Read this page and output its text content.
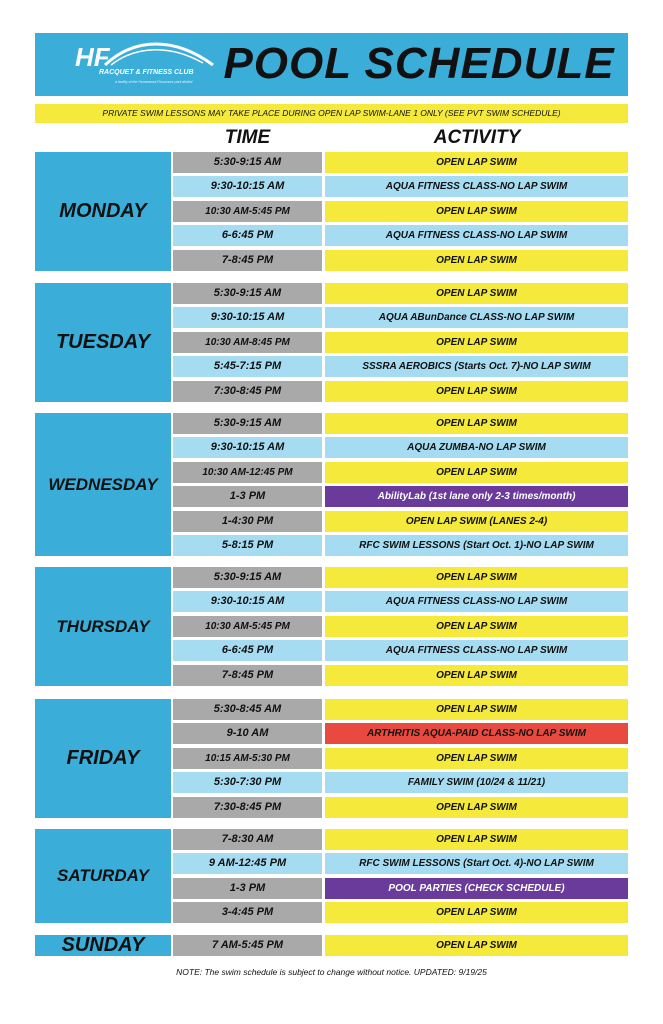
HF
RACQUET & FITNESS CLUB
a facility of the Homewood-Flossmoor park district POOL SCHEDULE
PRIVATE SWIM LESSONS MAY TAKE PLACE DURING OPEN LAP SWIM-LANE 1 ONLY (SEE PVT SWIM SCHEDULE)
TIME	ACTIVITY
MONDAY
5:30-9:15 AM	OPEN LAP SWIM
9:30-10:15 AM	AQUA FITNESS CLASS-NO LAP SWIM
10:30 AM-5:45 PM	OPEN LAP SWIM
6-6:45 PM	AQUA FITNESS CLASS-NO LAP SWIM
7-8:45 PM	OPEN LAP SWIM
TUESDAY
5:30-9:15 AM	OPEN LAP SWIM
9:30-10:15 AM	AQUA ABunDance CLASS-NO LAP SWIM
10:30 AM-8:45 PM	OPEN LAP SWIM
5:45-7:15 PM	SSSRA AEROBICS (Starts Oct. 7)-NO LAP SWIM
7:30-8:45 PM	OPEN LAP SWIM
WEDNESDAY
5:30-9:15 AM	OPEN LAP SWIM
9:30-10:15 AM	AQUA ZUMBA-NO LAP SWIM
10:30 AM-12:45 PM	OPEN LAP SWIM
1-3 PM	AbilityLab (1st lane only 2-3 times/month)
1-4:30 PM	OPEN LAP SWIM (LANES 2-4)
5-8:15 PM	RFC SWIM LESSONS (Start Oct. 1)-NO LAP SWIM
THURSDAY
5:30-9:15 AM	OPEN LAP SWIM
9:30-10:15 AM	AQUA FITNESS CLASS-NO LAP SWIM
10:30 AM-5:45 PM	OPEN LAP SWIM
6-6:45 PM	AQUA FITNESS CLASS-NO LAP SWIM
7-8:45 PM	OPEN LAP SWIM
FRIDAY
5:30-8:45 AM	OPEN LAP SWIM
9-10 AM	ARTHRITIS AQUA-PAID CLASS-NO LAP SWIM
10:15 AM-5:30 PM	OPEN LAP SWIM
5:30-7:30 PM	FAMILY SWIM (10/24 & 11/21)
7:30-8:45 PM	OPEN LAP SWIM
SATURDAY
7-8:30 AM	OPEN LAP SWIM
9 AM-12:45 PM	RFC SWIM LESSONS (Start Oct. 4)-NO LAP SWIM
1-3 PM	POOL PARTIES (CHECK SCHEDULE)
3-4:45 PM	OPEN LAP SWIM
SUNDAY	7 AM-5:45 PM	OPEN LAP SWIM
NOTE: The swim schedule is subject to change without notice. UPDATED: 9/19/25
